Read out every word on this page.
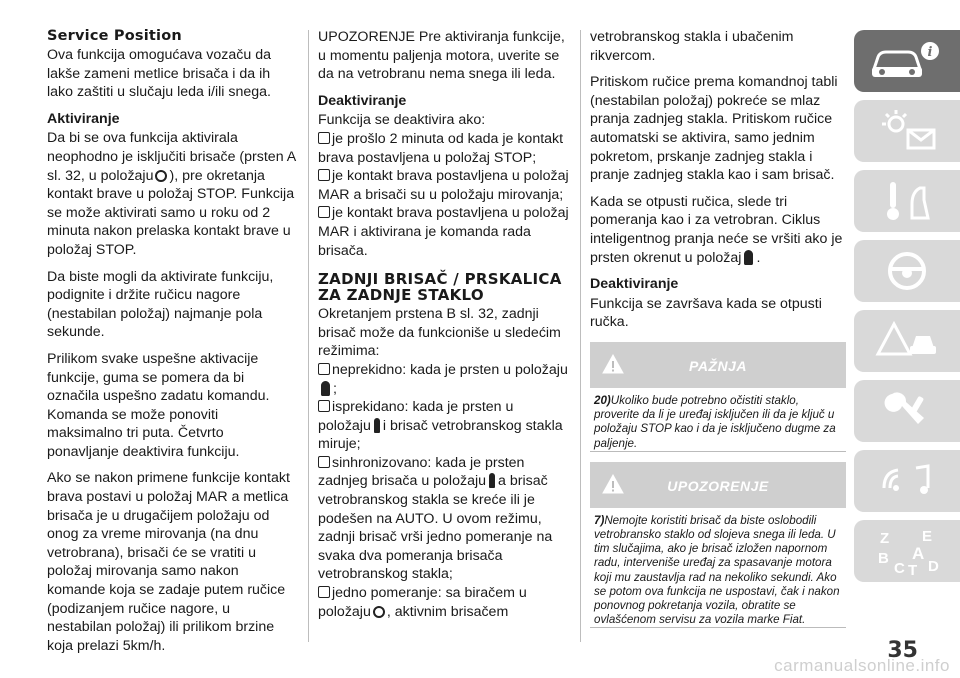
Service Position

Ova funkcija omogućava vozaču da lakše zameni metlice brisača i da ih lako zaštiti u slučaju leda i/ili snega.

Aktiviranje

Da bi se ova funkcija aktivirala neophodno je isključiti brisače (prsten A sl. 32, u položaju ), pre okretanja kontakt brave u položaj STOP. Funkcija se može aktivirati samo u roku od 2 minuta nakon prelaska kontakt brave u položaj STOP.

Da biste mogli da aktivirate funkciju, podignite i držite ručicu nagore (nestabilan položaj) najmanje pola sekunde.

Prilikom svake uspešne aktivacije funkcije, guma se pomera da bi označila uspešno zadatu komandu. Komanda se može ponoviti maksimalno tri puta. Četvrto ponavljanje deaktivira funkciju.

Ako se nakon primene funkcije kontakt brava postavi u položaj MAR a metlica brisača je u drugačijem položaju od onog za vreme mirovanja (na dnu vetrobrana), brisači će se vratiti u položaj mirovanja samo nakon komande koja se zadaje putem ručice (podizanjem ručice nagore, u nestabilan položaj) ili prilikom brzine koja prelazi 5km/h.

UPOZORENJE Pre aktiviranja funkcije, u momentu paljenja motora, uverite se da na vetrobranu nema snega ili leda.

Deaktiviranje
Funkcija se deaktivira ako:
je prošlo 2 minuta od kada je kontakt brava postavljena u položaj STOP;
je kontakt brava postavljena u položaj MAR a brisači su u položaju mirovanja;
je kontakt brava postavljena u položaj MAR i aktivirana je komanda rada brisača.
ZADNJI BRISAČ / PRSKALICA ZA ZADNJE STAKLO
Okretanjem prstena B sl. 32, zadnji brisač može da funkcioniše u sledećim režimima:
neprekidno: kada je prsten u položaju;
isprekidano: kada je prsten u položaju i brisač vetrobranskog stakla miruje;
sinhronizovano: kada je prsten zadnjeg brisača u položaju a brisač vetrobranskog stakla se kreće ili je podešen na AUTO. U ovom režimu, zadnji brisač vrši jedno pomeranje na svaka dva pomeranja brisača vetrobranskog stakla;
jedno pomeranje: sa biračem u položaju , aktivnim brisačem

vetrobranskog stakla i ubačenim rikvercom.

Pritiskom ručice prema komandnoj tabli (nestabilan položaj) pokreće se mlaz pranja zadnjeg stakla. Pritiskom ručice automatski se aktivira, samo jednim pokretom, prskanje zadnjeg stakla i pranje zadnjeg stakla kao i sam brisač.

Kada se otpusti ručica, slede tri pomeranja kao i za vetrobran. Ciklus inteligentnog pranja neće se vršiti ako je prsten okrenut u položaj .

Deaktiviranje

Funkcija se završava kada se otpusti ručka.

PAŽNJA
20)Ukoliko bude potrebno očistiti staklo, proverite da li je uređaj isključen ili da je ključ u položaju STOP kao i da je isključeno dugme za paljenje.
UPOZORENJE
7)Nemojte koristiti brisač da biste oslobodili vetrobransko staklo od slojeva snega ili leda. U tim slučajima, ako je brisač izložen napornom radu, interveniše uređaj za spasavanje motora koji mu zaustavlja rad na nekoliko sekundi. Ako se potom ova funkcija ne uspostavi, čak i nakon ponovnog pokretanja vozila, obratite se ovlašćenom servisu za vozila marke Fiat.
i
Z E
B A
C T D
35
carmanualsonline.info
